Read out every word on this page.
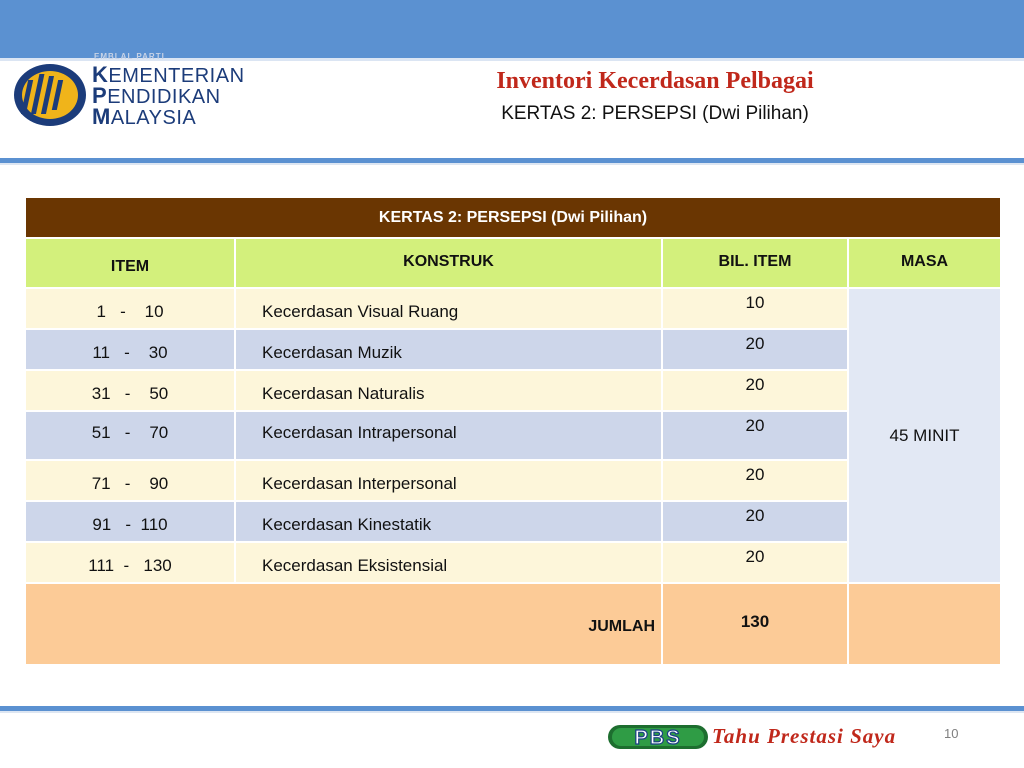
EMBLAL PARTI
KEMENTERIAN
PENDIDIKAN
MALAYSIA
Inventori Kecerdasan Pelbagai
KERTAS 2: PERSEPSI (Dwi Pilihan)
KERTAS 2: PERSEPSI (Dwi Pilihan)			
ITEM	KONSTRUK	BIL. ITEM	MASA
1   -    10	Kecerdasan Visual Ruang	10	45 MINIT
11   -    30	Kecerdasan Muzik	20	
31   -    50	Kecerdasan Naturalis	20	
51   -    70	Kecerdasan Intrapersonal	20	
71   -    90	Kecerdasan Interpersonal	20	
91   -  110	Kecerdasan Kinestatik	20	
111  -   130	Kecerdasan Eksistensial	20	
JUMLAH		130	
PBS Tahu Prestasi Saya	10
